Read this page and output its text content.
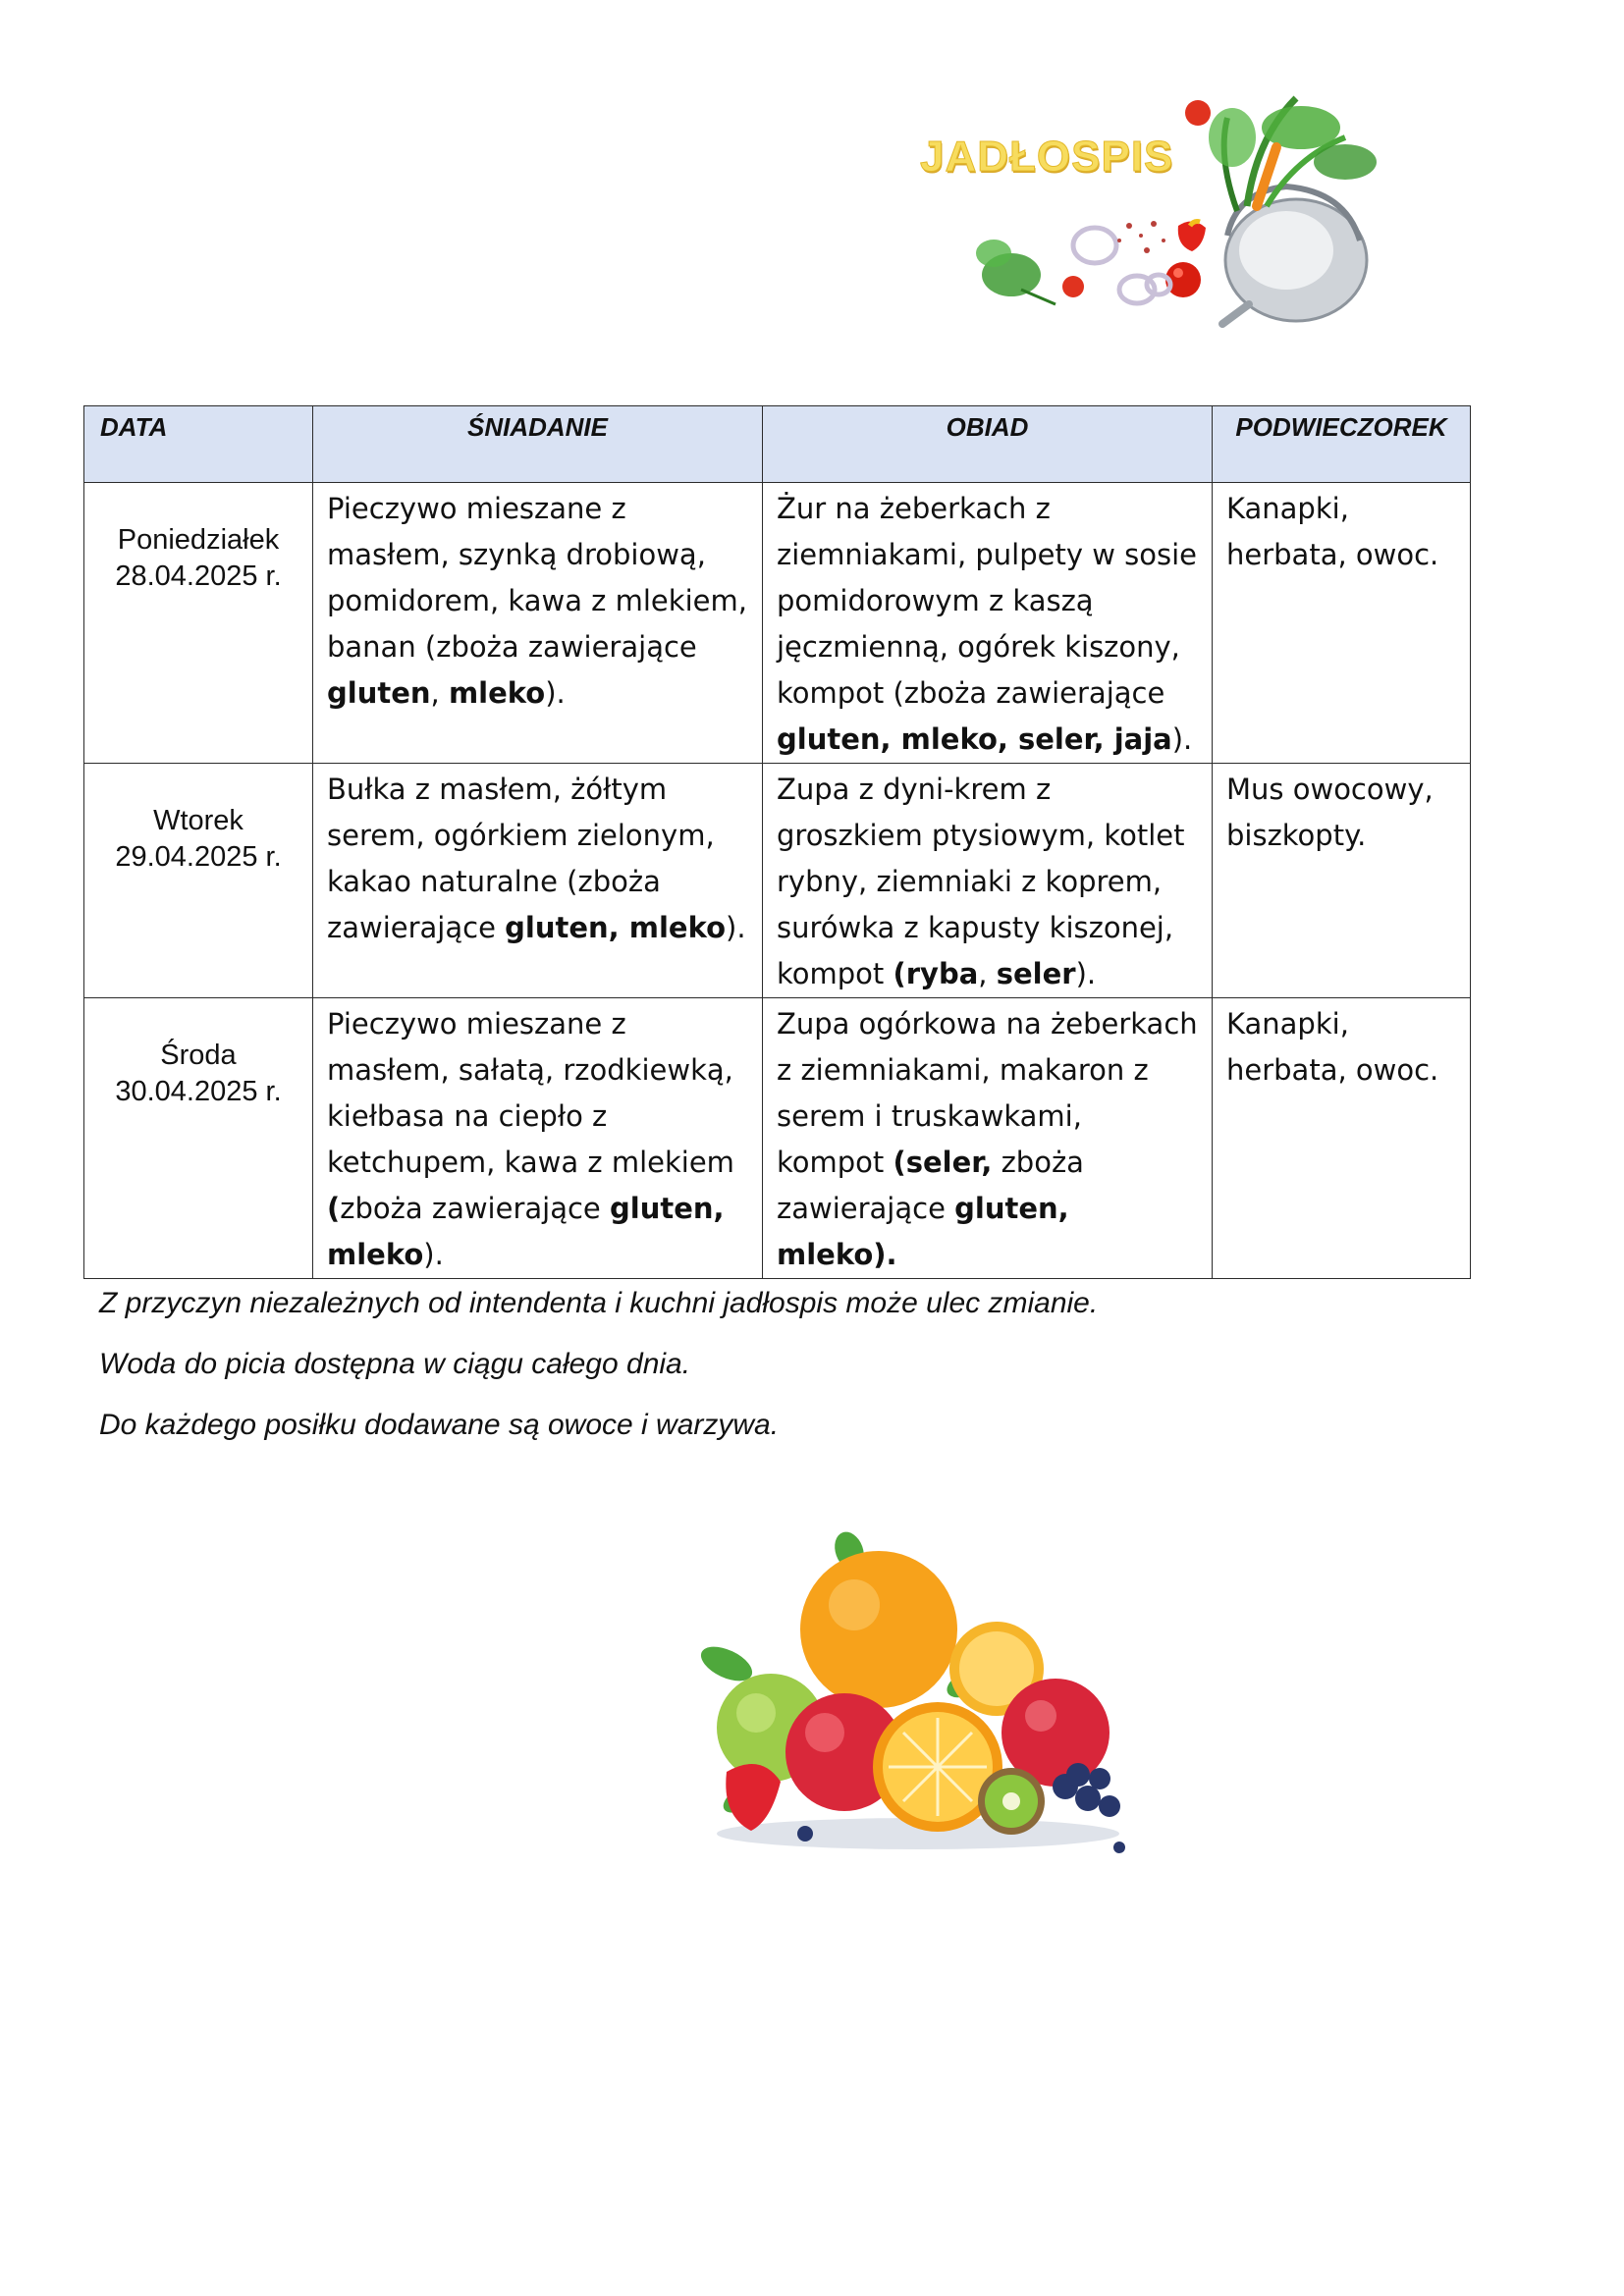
JADŁOSPIS
DATA	ŚNIADANIE	OBIAD	PODWIECZOREK

Poniedziałek
28.04.2025 r.	Pieczywo mieszane z masłem, szynką drobiową, pomidorem, kawa z mlekiem, banan (zboża zawierające gluten, mleko).	Żur na żeberkach z ziemniakami, pulpety w sosie pomidorowym z kaszą jęczmienną, ogórek kiszony, kompot (zboża zawierające gluten, mleko, seler, jaja).	Kanapki, herbata, owoc.

Wtorek
29.04.2025 r.	Bułka z masłem, żółtym serem, ogórkiem zielonym, kakao naturalne (zboża zawierające gluten, mleko).	Zupa z dyni-krem z groszkiem ptysiowym, kotlet rybny, ziemniaki z koprem, surówka z kapusty kiszonej, kompot (ryba, seler).	Mus owocowy, biszkopty.

Środa
30.04.2025 r.	Pieczywo mieszane z masłem, sałatą, rzodkiewką, kiełbasa na ciepło z ketchupem, kawa z mlekiem (zboża zawierające gluten, mleko).	Zupa ogórkowa na żeberkach z ziemniakami, makaron z serem i truskawkami, kompot (seler, zboża zawierające gluten, mleko).	Kanapki, herbata, owoc.

Z przyczyn niezależnych od intendenta i kuchni jadłospis może ulec zmianie.

Woda do picia dostępna w ciągu całego dnia.

Do każdego posiłku dodawane są owoce i warzywa.
